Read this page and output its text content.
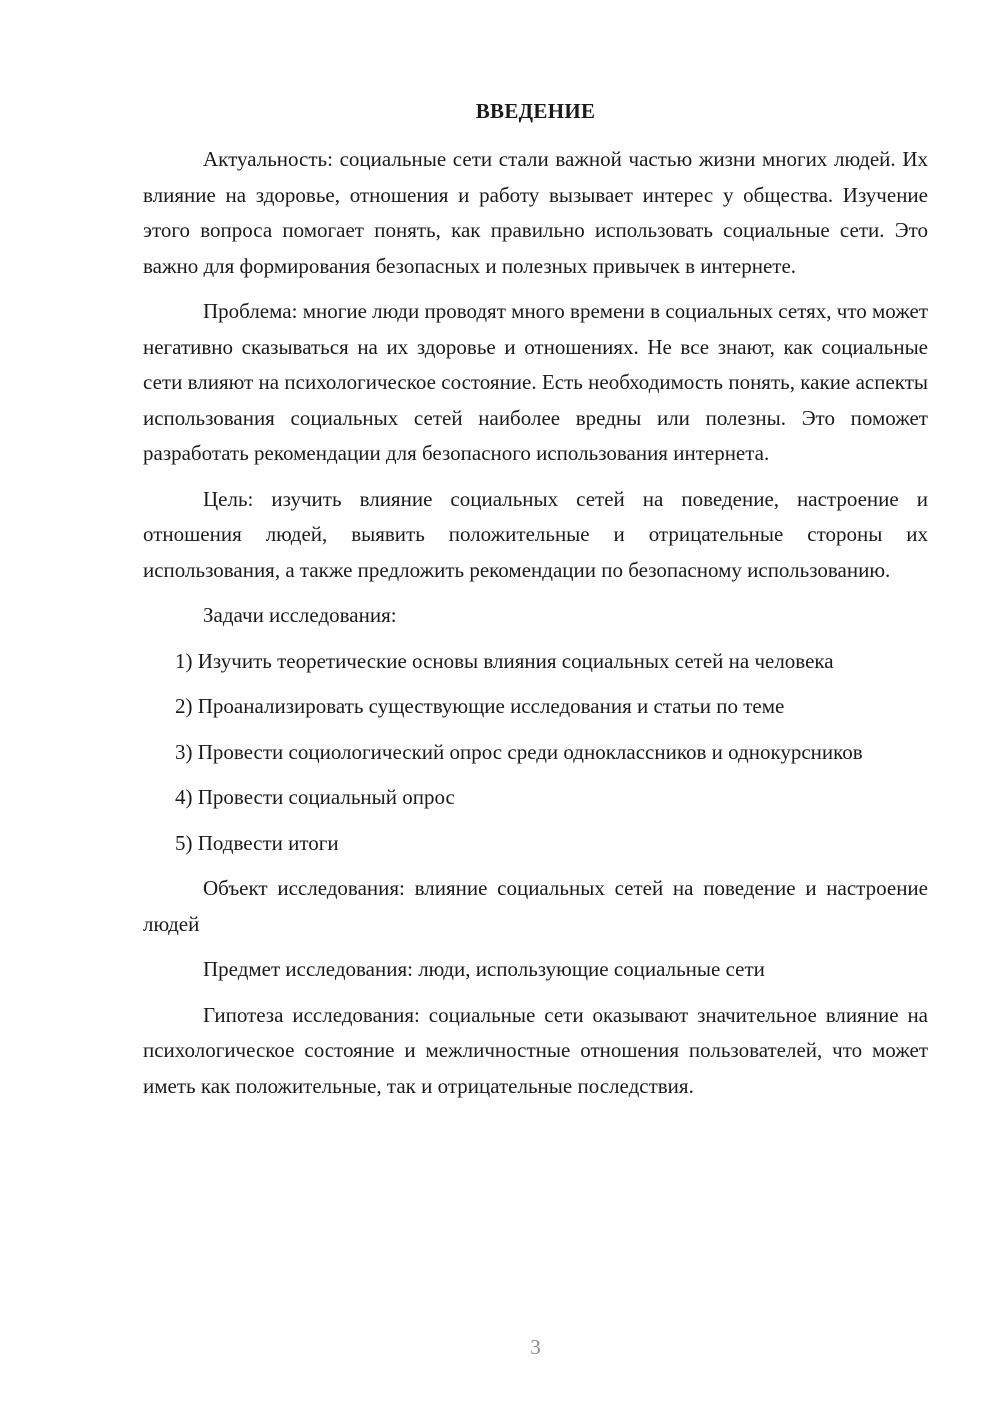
ВВЕДЕНИЕ

Актуальность: социальные сети стали важной частью жизни многих людей. Их влияние на здоровье, отношения и работу вызывает интерес у общества. Изучение этого вопроса помогает понять, как правильно использовать социальные сети. Это важно для формирования безопасных и полезных привычек в интернете.

Проблема: многие люди проводят много времени в социальных сетях, что может негативно сказываться на их здоровье и отношениях. Не все знают, как социальные сети влияют на психологическое состояние. Есть необходимость понять, какие аспекты использования социальных сетей наиболее вредны или полезны. Это поможет разработать рекомендации для безопасного использования интернета.

Цель: изучить влияние социальных сетей на поведение, настроение и отношения людей, выявить положительные и отрицательные стороны их использования, а также предложить рекомендации по безопасному использованию.

Задачи исследования:

1) Изучить теоретические основы влияния социальных сетей на человека

2) Проанализировать существующие исследования и статьи по теме

3) Провести социологический опрос среди одноклассников и однокурсников

4) Провести социальный опрос

5) Подвести итоги

Объект исследования: влияние социальных сетей на поведение и настроение людей

Предмет исследования: люди, использующие социальные сети

Гипотеза исследования: социальные сети оказывают значительное влияние на психологическое состояние и межличностные отношения пользователей, что может иметь как положительные, так и отрицательные последствия.

3
